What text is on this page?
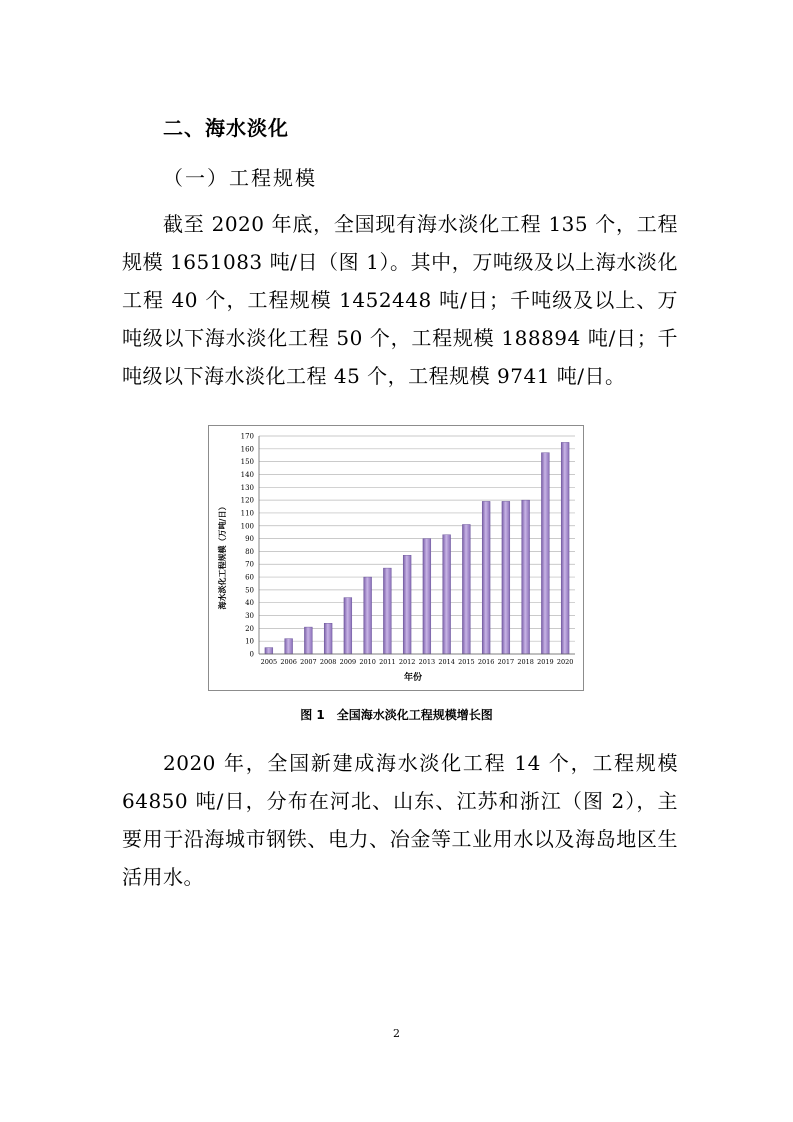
二、海水淡化
（一）工程规模
截至 2020 年底，全国现有海水淡化工程 135 个，工程规模 1651083 吨/日（图 1）。其中，万吨级及以上海水淡化工程 40 个，工程规模 1452448 吨/日；千吨级及以上、万吨级以下海水淡化工程 50 个，工程规模 188894 吨/日；千吨级以下海水淡化工程 45 个，工程规模 9741 吨/日。
0
10
20
30
40
50
60
70
80
90
100
110
120
130
140
150
160
170
2005 2006 2007 2008 2009 2010 2011 2012 2013 2014 2015 2016 2017 2018 2019 2020
年份
海水淡化工程规模（万吨/日）
图 1 全国海水淡化工程规模增长图
2020 年，全国新建成海水淡化工程 14 个，工程规模 64850 吨/日，分布在河北、山东、江苏和浙江（图 2），主要用于沿海城市钢铁、电力、冶金等工业用水以及海岛地区生活用水。
2
